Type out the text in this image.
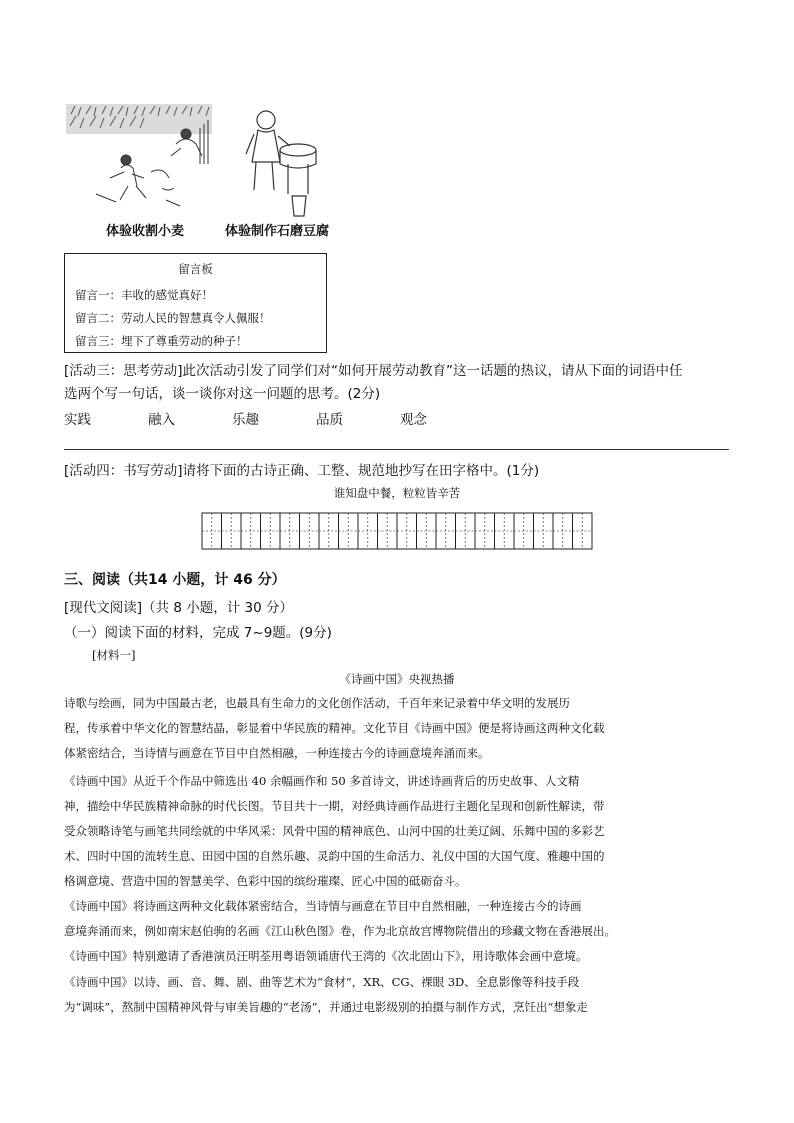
体验收割小麦	体验制作石磨豆腐
留言板
留言一：丰收的感觉真好！
留言二：劳动人民的智慧真令人佩服！
留言三：埋下了尊重劳动的种子！
[活动三：思考劳动]此次活动引发了同学们对“如何开展劳动教育”这一话题的热议，请从下面的词语中任
选两个写一句话，谈一谈你对这一问题的思考。(2分)
实践	融入	乐趣	品质	观念
[活动四：书写劳动]请将下面的古诗正确、工整、规范地抄写在田字格中。(1分)
谁知盘中餐，粒粒皆辛苦
三、阅读（共14 小题，计 46 分）
[现代文阅读]（共 8 小题，计 30 分）
（一）阅读下面的材料，完成 7~9题。(9分)
[材料一]
《诗画中国》央视热播
诗歌与绘画，同为中国最古老，也最具有生命力的文化创作活动，千百年来记录着中华文明的发展历
程，传承着中华文化的智慧结晶，彰显着中华民族的精神。文化节目《诗画中国》便是将诗画这两种文化载
体紧密结合，当诗情与画意在节目中自然相融，一种连接古今的诗画意境奔涌而来。
《诗画中国》从近千个作品中筛选出 40 余幅画作和 50 多首诗文，讲述诗画背后的历史故事、人文精
神，描绘中华民族精神命脉的时代长图。节目共十一期，对经典诗画作品进行主题化呈现和创新性解读，带
受众领略诗笔与画笔共同绘就的中华风采：风骨中国的精神底色、山河中国的壮美辽阔、乐舞中国的多彩艺
术、四时中国的流转生息、田园中国的自然乐趣、灵韵中国的生命活力、礼仪中国的大国气度、雅趣中国的
格调意境、营造中国的智慧美学、色彩中国的缤纷璀璨、匠心中国的砥砺奋斗。
《诗画中国》将诗画这两种文化载体紧密结合，当诗情与画意在节目中自然相融，一种连接古今的诗画
意境奔涌而来，例如南宋赵伯驹的名画《江山秋色图》卷，作为北京故宫博物院借出的珍藏文物在香港展出。
《诗画中国》特别邀请了香港演员汪明荃用粤语领诵唐代王湾的《次北固山下》，用诗歌体会画中意境。
《诗画中国》以诗、画、音、舞、剧、曲等艺术为“食材”，XR、CG、裸眼 3D、全息影像等科技手段
为“调味”，熬制中国精神风骨与审美旨趣的“老汤”，并通过电影级别的拍摄与制作方式，烹饪出“想象走
